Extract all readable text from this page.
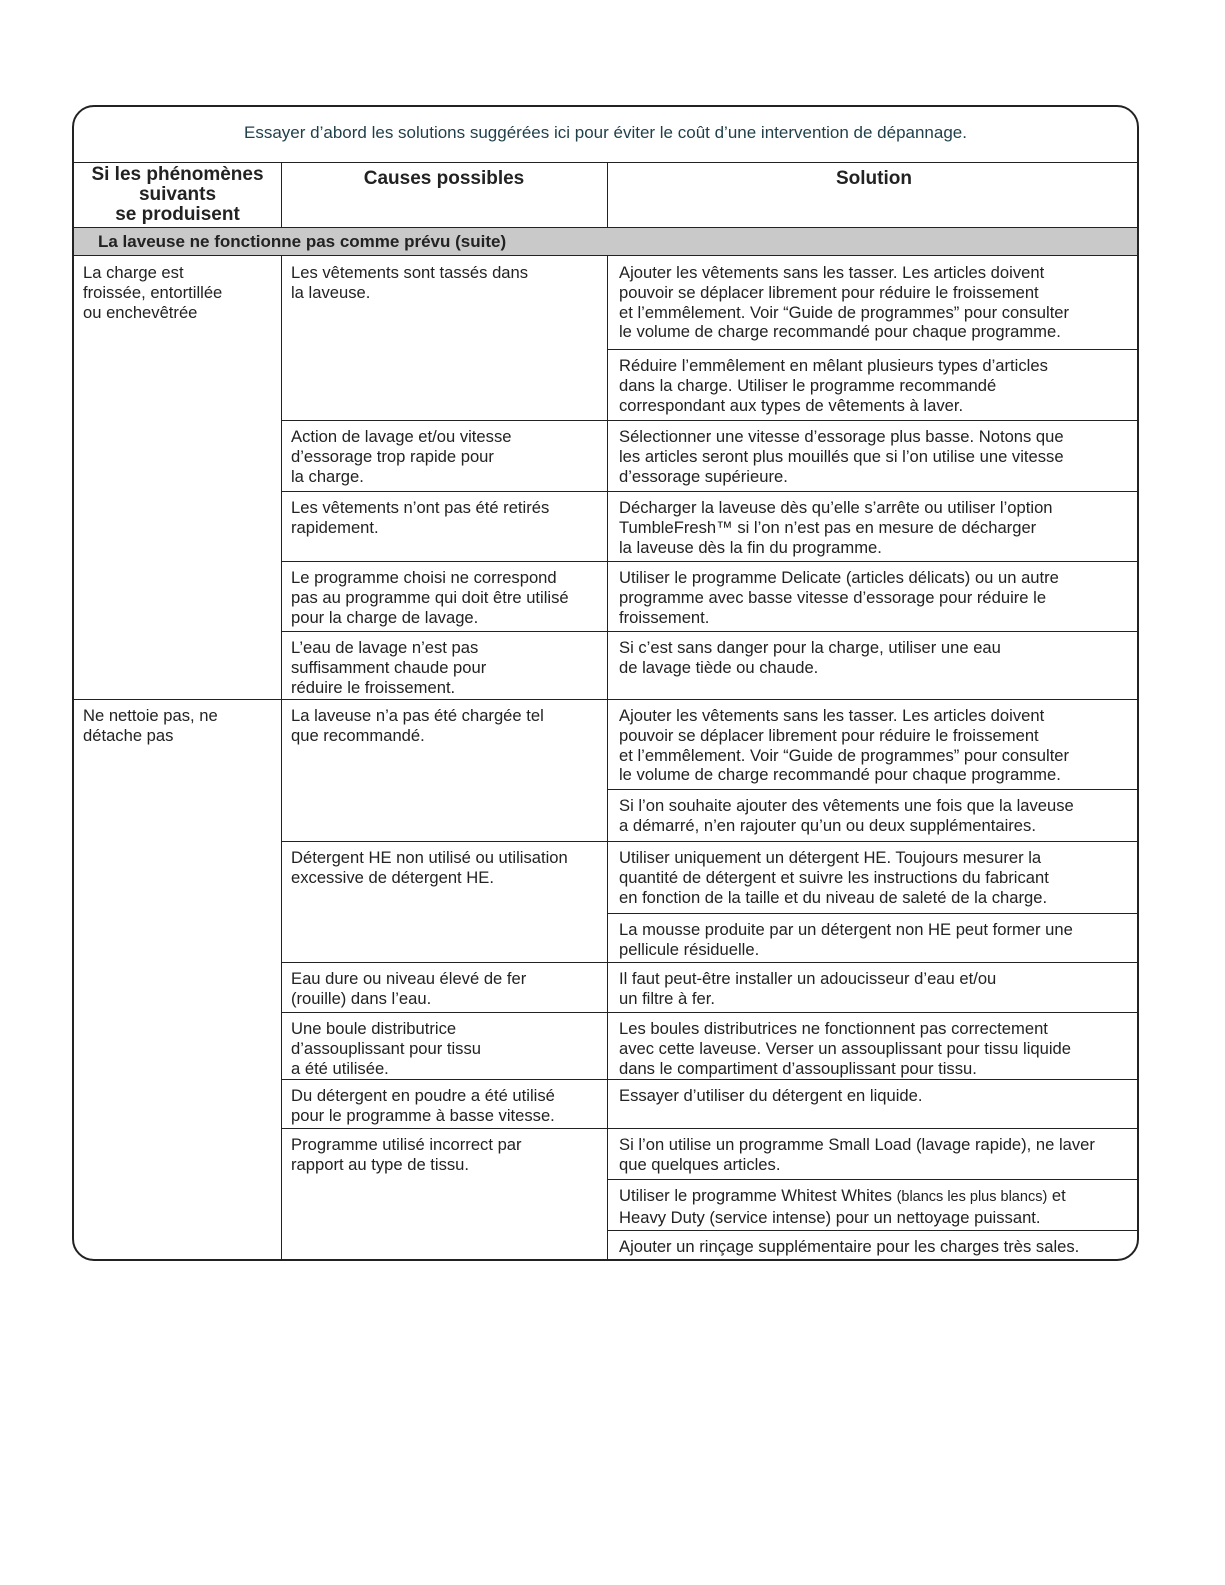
Essayer d’abord les solutions suggérées ici pour éviter le coût d’une intervention de dépannage.
Si les phénomènes
suivants
se produisent
Causes possibles	Solution
La laveuse ne fonctionne pas comme prévu (suite)
La charge est
froissée, entortillée
ou enchevêtrée
Les vêtements sont tassés dans
la laveuse.
Ajouter les vêtements sans les tasser. Les articles doivent
pouvoir se déplacer librement pour réduire le froissement
et l’emmêlement. Voir “Guide de programmes” pour consulter
le volume de charge recommandé pour chaque programme.
Réduire l’emmêlement en mêlant plusieurs types d’articles
dans la charge. Utiliser le programme recommandé
correspondant aux types de vêtements à laver.
Action de lavage et/ou vitesse
d’essorage trop rapide pour
la charge.
Sélectionner une vitesse d’essorage plus basse. Notons que
les articles seront plus mouillés que si l’on utilise une vitesse
d’essorage supérieure.
Les vêtements n’ont pas été retirés
rapidement.
Décharger la laveuse dès qu’elle s’arrête ou utiliser l’option
TumbleFresh™ si l’on n’est pas en mesure de décharger
la laveuse dès la fin du programme.
Le programme choisi ne correspond
pas au programme qui doit être utilisé
pour la charge de lavage.
Utiliser le programme Delicate (articles délicats) ou un autre
programme avec basse vitesse d’essorage pour réduire le
froissement.
L’eau de lavage n’est pas
suffisamment chaude pour
réduire le froissement.
Si c’est sans danger pour la charge, utiliser une eau
de lavage tiède ou chaude.
Ne nettoie pas, ne
détache pas
La laveuse n’a pas été chargée tel
que recommandé.
Ajouter les vêtements sans les tasser. Les articles doivent
pouvoir se déplacer librement pour réduire le froissement
et l’emmêlement. Voir “Guide de programmes” pour consulter
le volume de charge recommandé pour chaque programme.
Si l’on souhaite ajouter des vêtements une fois que la laveuse
a démarré, n’en rajouter qu’un ou deux supplémentaires.
Détergent HE non utilisé ou utilisation
excessive de détergent HE.
Utiliser uniquement un détergent HE. Toujours mesurer la
quantité de détergent et suivre les instructions du fabricant
en fonction de la taille et du niveau de saleté de la charge.
La mousse produite par un détergent non HE peut former une
pellicule résiduelle.
Eau dure ou niveau élevé de fer
(rouille) dans l’eau.
Il faut peut-être installer un adoucisseur d’eau et/ou
un filtre à fer.
Une boule distributrice
d’assouplissant pour tissu
a été utilisée.
Les boules distributrices ne fonctionnent pas correctement
avec cette laveuse. Verser un assouplissant pour tissu liquide
dans le compartiment d’assouplissant pour tissu.
Du détergent en poudre a été utilisé
pour le programme à basse vitesse.
Essayer d’utiliser du détergent en liquide.
Programme utilisé incorrect par
rapport au type de tissu.
Si l’on utilise un programme Small Load (lavage rapide), ne laver
que quelques articles.
Utiliser le programme Whitest Whites (blancs les plus blancs) et
Heavy Duty (service intense) pour un nettoyage puissant.
Ajouter un rinçage supplémentaire pour les charges très sales.
